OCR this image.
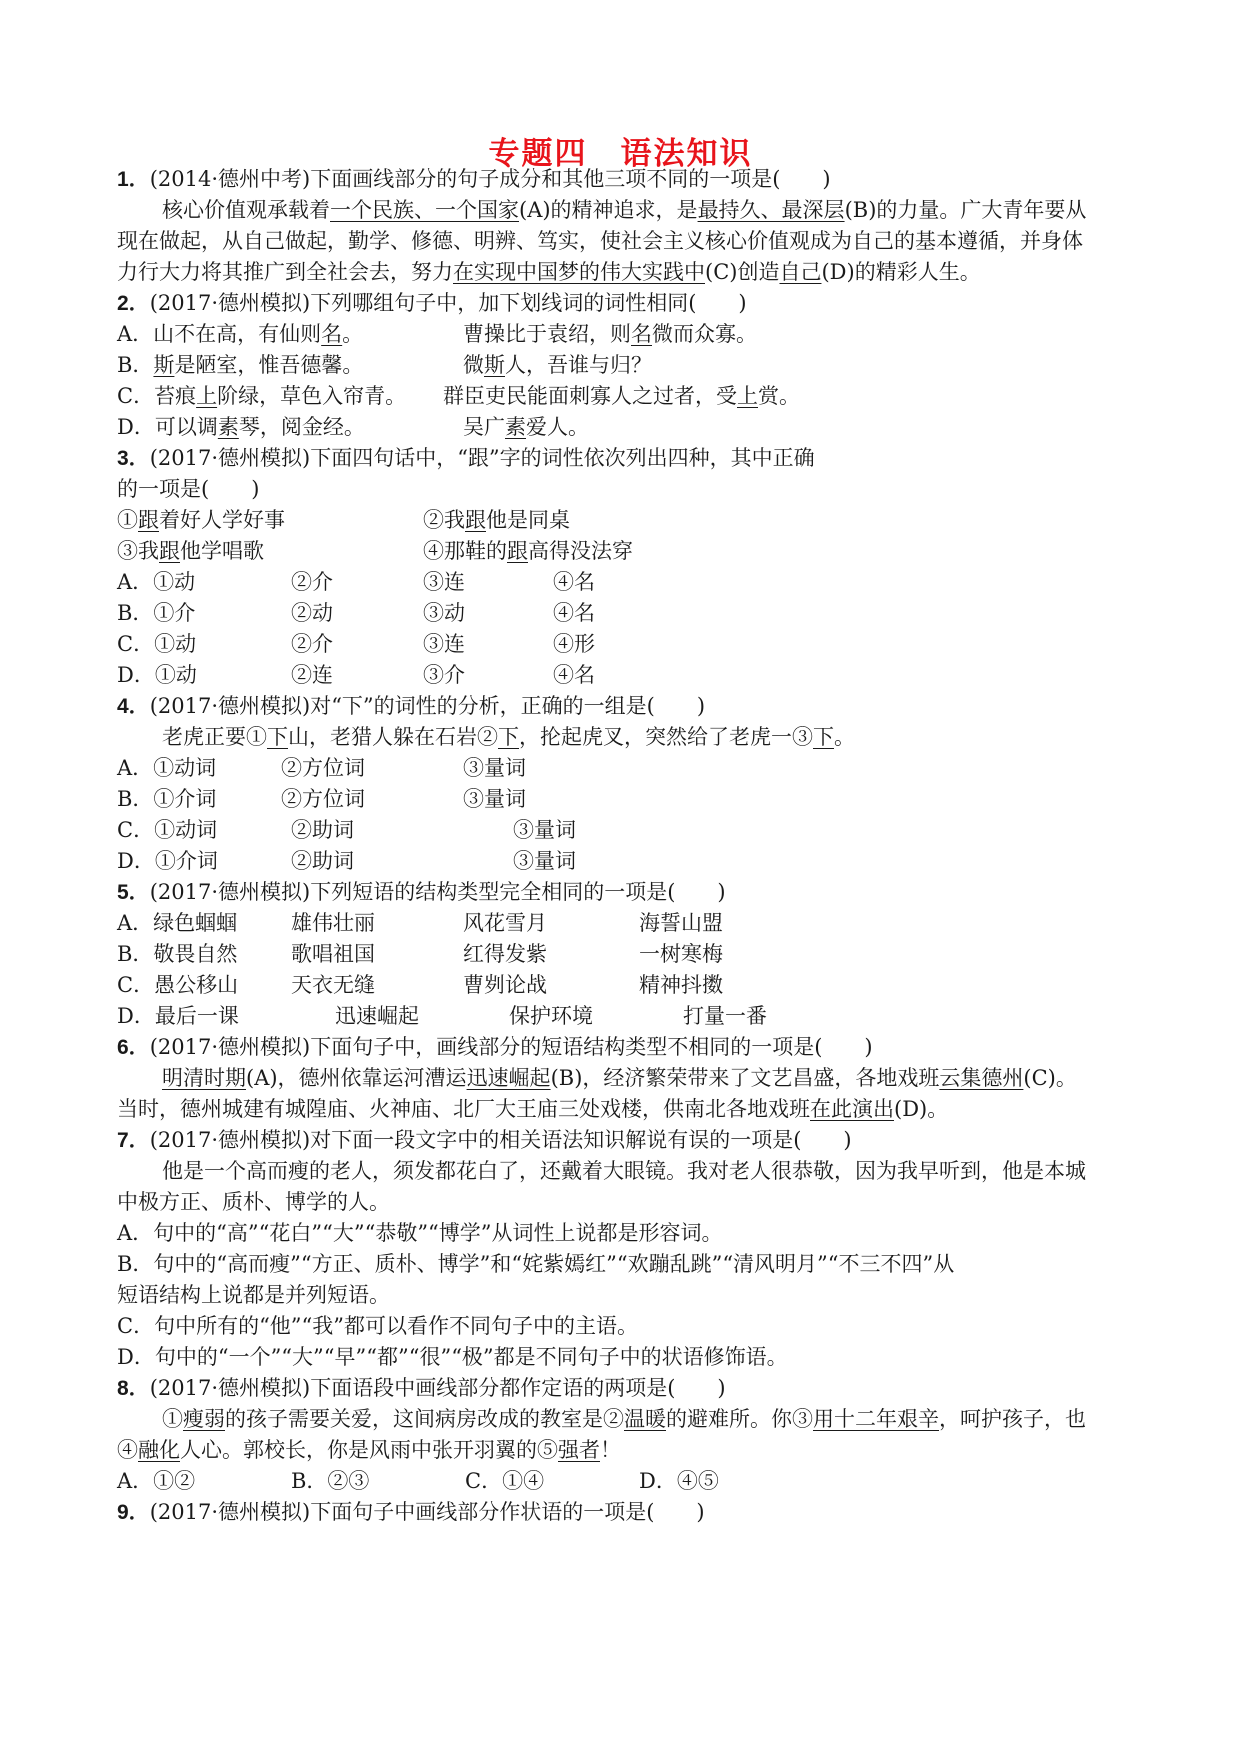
专题四　语法知识
1．(2014·德州中考)下面画线部分的句子成分和其他三项不同的一项是(　　)
核心价值观承载着一个民族、一个国家(A)的精神追求，是最持久、最深层(B)的力量。广大青年要从
现在做起，从自己做起，勤学、修德、明辨、笃实，使社会主义核心价值观成为自己的基本遵循，并身体
力行大力将其推广到全社会去，努力在实现中国梦的伟大实践中(C)创造自己(D)的精彩人生。
2．(2017·德州模拟)下列哪组句子中，加下划线词的词性相同(　　)
A．山不在高，有仙则名。	曹操比于袁绍，则名微而众寡。
B．斯是陋室，惟吾德馨。	微斯人，吾谁与归？
C．苔痕上阶绿，草色入帘青。 群臣吏民能面刺寡人之过者，受上赏。
D．可以调素琴，阅金经。	吴广素爱人。
3．(2017·德州模拟)下面四句话中，“跟”字的词性依次列出四种，其中正确
的一项是(　　)
①跟着好人学好事	②我跟他是同桌
③我跟他学唱歌	④那鞋的跟高得没法穿
A．①动	②介	③连	④名
B．①介	②动	③动	④名
C．①动	②介	③连	④形
D．①动	②连	③介	④名
4．(2017·德州模拟)对“下”的词性的分析，正确的一组是(　　)
老虎正要①下山，老猎人躲在石岩②下，抡起虎叉，突然给了老虎一③下。
A．①动词	②方位词	③量词
B．①介词	②方位词	③量词
C．①动词	②助词	③量词
D．①介词	②助词	③量词
5．(2017·德州模拟)下列短语的结构类型完全相同的一项是(　　)
A．绿色蝈蝈	雄伟壮丽	风花雪月	海誓山盟
B．敬畏自然	歌唱祖国	红得发紫	一树寒梅
C．愚公移山	天衣无缝	曹刿论战	精神抖擞
D．最后一课	迅速崛起	保护环境	打量一番
6．(2017·德州模拟)下面句子中，画线部分的短语结构类型不相同的一项是(　　)
明清时期(A)，德州依靠运河漕运迅速崛起(B)，经济繁荣带来了文艺昌盛，各地戏班云集德州(C)。
当时，德州城建有城隍庙、火神庙、北厂大王庙三处戏楼，供南北各地戏班在此演出(D)。
7．(2017·德州模拟)对下面一段文字中的相关语法知识解说有误的一项是(　　)
他是一个高而瘦的老人，须发都花白了，还戴着大眼镜。我对老人很恭敬，因为我早听到，他是本城
中极方正、质朴、博学的人。
A．句中的“高”“花白”“大”“恭敬”“博学”从词性上说都是形容词。
B．句中的“高而瘦”“方正、质朴、博学”和“姹紫嫣红”“欢蹦乱跳”“清风明月”“不三不四”从
短语结构上说都是并列短语。
C．句中所有的“他”“我”都可以看作不同句子中的主语。
D．句中的“一个”“大”“早”“都”“很”“极”都是不同句子中的状语修饰语。
8．(2017·德州模拟)下面语段中画线部分都作定语的两项是(　　)
①瘦弱的孩子需要关爱，这间病房改成的教室是②温暖的避难所。你③用十二年艰辛，呵护孩子，也
④融化人心。郭校长，你是风雨中张开羽翼的⑤强者！
A．①②	B．②③	C．①④	D．④⑤
9．(2017·德州模拟)下面句子中画线部分作状语的一项是(　　)
